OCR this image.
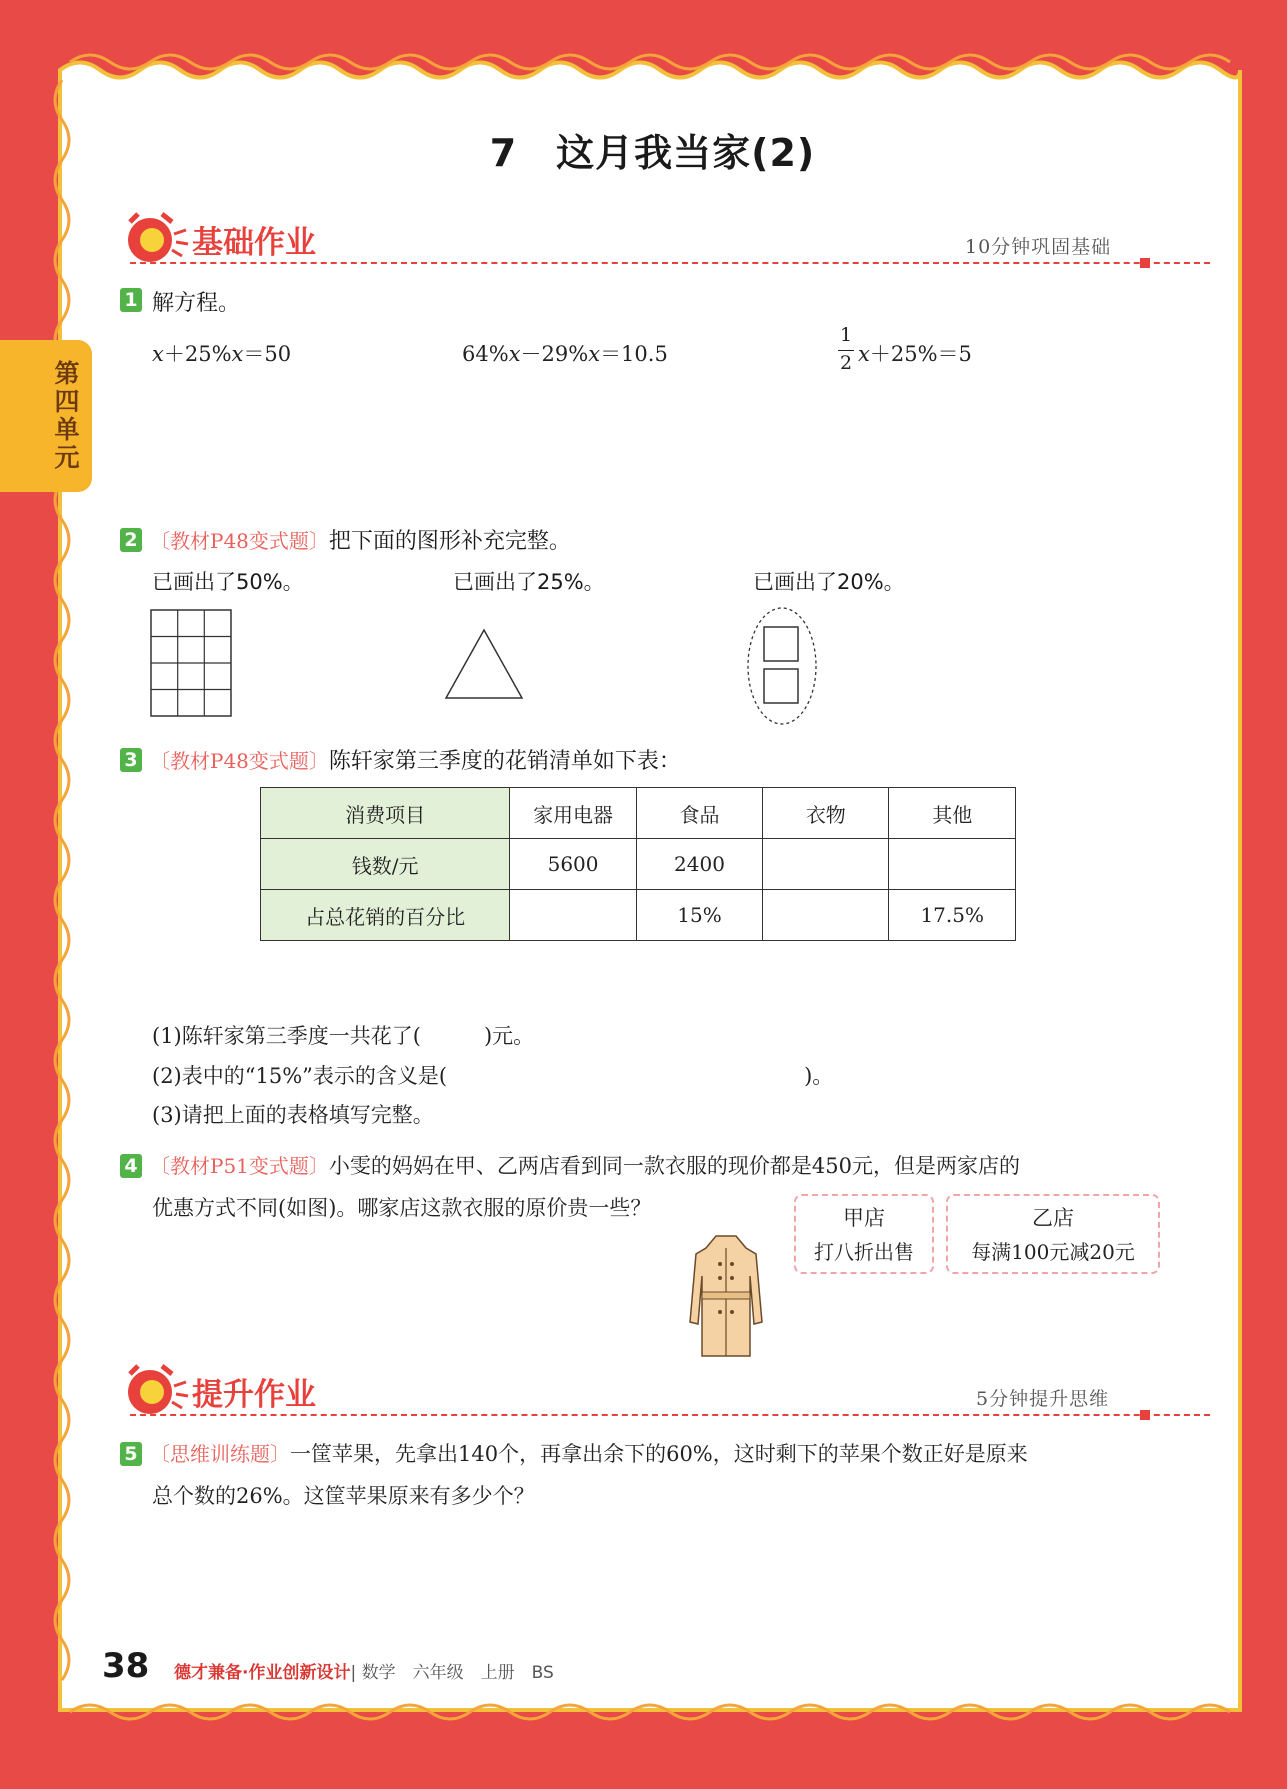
第四单元
7　这月我当家(2)
基础作业	10分钟巩固基础
1 解方程。
x＋25%x＝50	64%x－29%x＝10.5
1
2 x＋25%＝5
2 〔教材P48变式题〕把下面的图形补充完整。
已画出了50%。	已画出了25%。	已画出了20%。
3 〔教材P48变式题〕陈轩家第三季度的花销清单如下表：
消费项目	家用电器	食品	衣物	其他
钱数/元	5600	2400		
占总花销的百分比		15%		17.5%
(1)陈轩家第三季度一共花了(　　　)元。
(2)表中的“15%”表示的含义是(　　　　　　　　　　　　　　　　　)。
(3)请把上面的表格填写完整。
4 〔教材P51变式题〕小雯的妈妈在甲、乙两店看到同一款衣服的现价都是450元，但是两家店的
优惠方式不同(如图)。哪家店这款衣服的原价贵一些？	甲店
打八折出售
乙店
每满100元减20元
提升作业	5分钟提升思维
5 〔思维训练题〕一筐苹果，先拿出140个，再拿出余下的60%，这时剩下的苹果个数正好是原来
总个数的26%。这筐苹果原来有多少个？
38 德才兼备·作业创新设计| 数学　六年级　上册　BS
